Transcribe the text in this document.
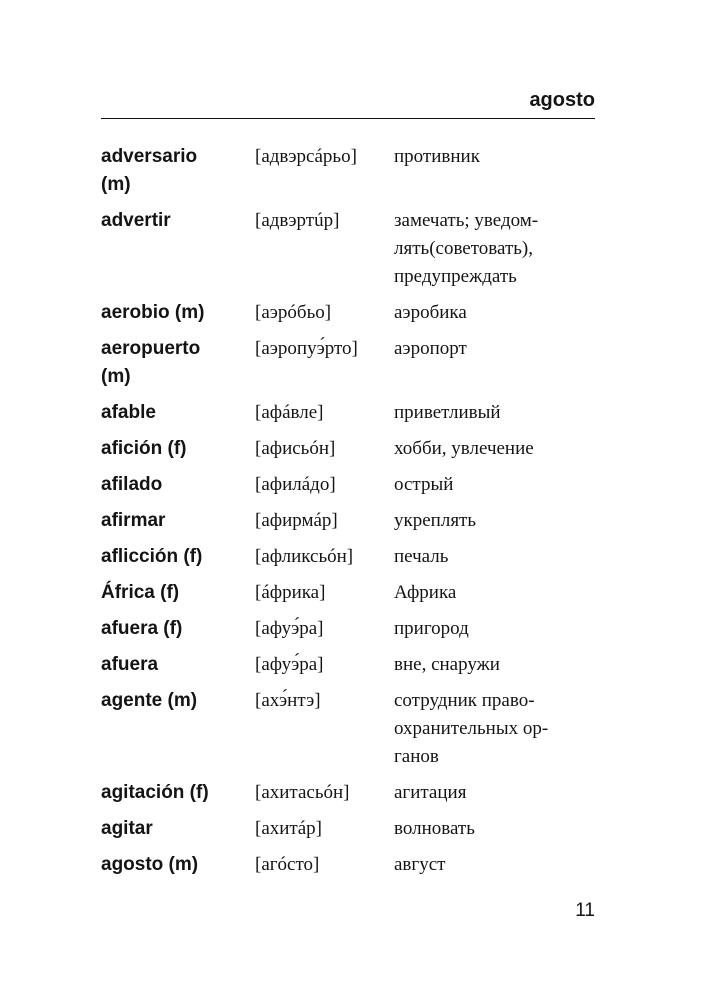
agosto
adversario
(m)
[адвэрсáрьо]	противник
advertir	[адвэртúр]	замечать; уведом-
лять(советовать),
предупреждать
aerobio (m)	[аэрóбьо]	аэробика
aeropuerto
(m)
[аэропуэ́рто]	аэропорт
afable	[афáвле]	приветливый
afición (f)	[афисьóн]	хобби, увлечение
afilado	[афилáдо]	острый
afirmar	[афирмáр]	укреплять
aflicción (f)	[афликсьóн]	печаль
África (f)	[áфрика]	Африка
afuera (f)	[афуэ́ра]	пригород
afuera	[афуэ́ра]	вне, снаружи
agente (m)	[ахэ́нтэ]	сотрудник право-
охранительных ор-
ганов
agitación (f)	[ахитасьóн]	агитация
agitar	[ахитáр]	волновать
agosto (m)	[агóсто]	август
11
